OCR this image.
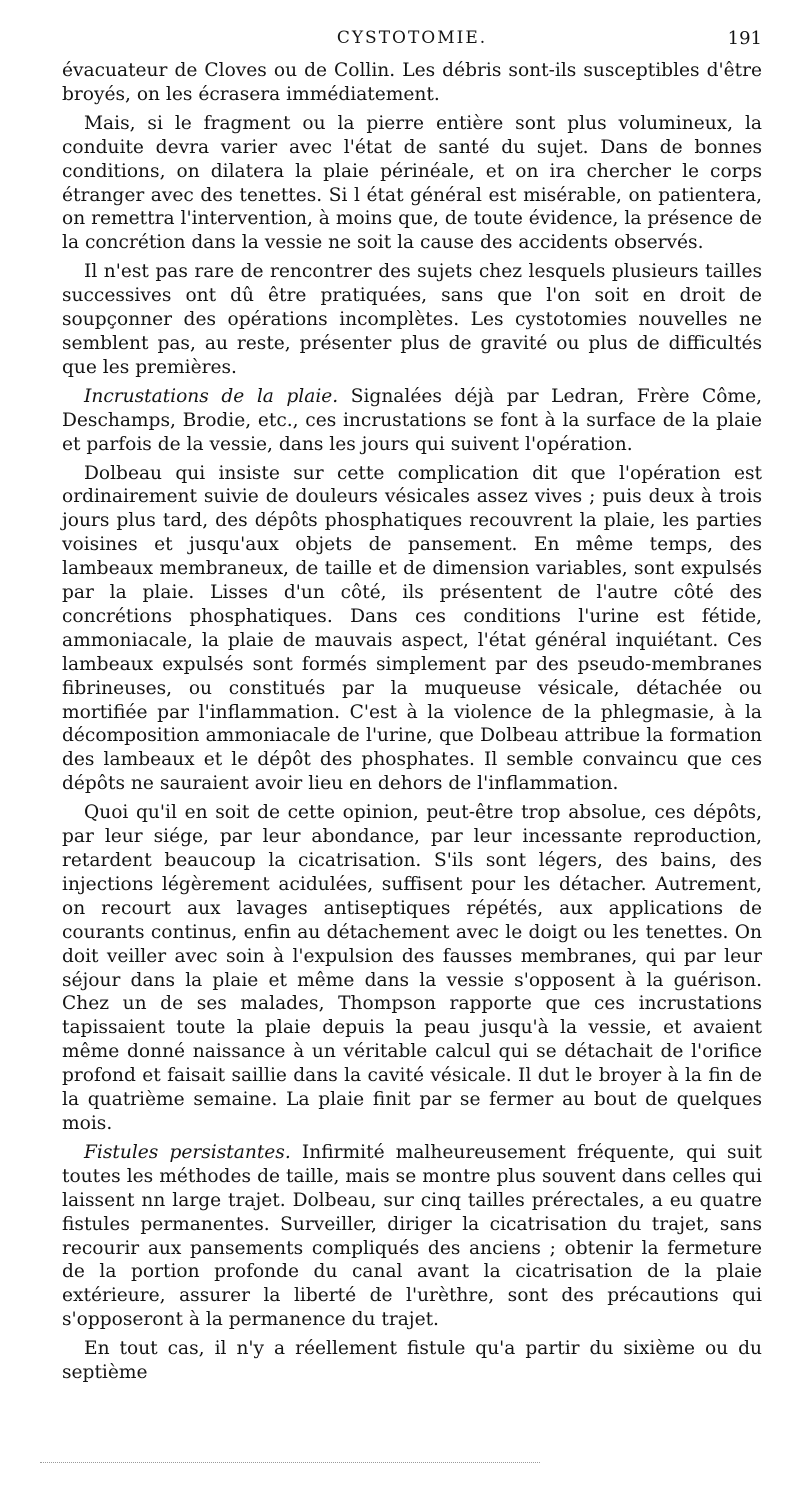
CYSTOTOMIE.	191

évacuateur de Cloves ou de Collin. Les débris sont-ils susceptibles d'être broyés, on les écrasera immédiatement.

Mais, si le fragment ou la pierre entière sont plus volumineux, la conduite devra varier avec l'état de santé du sujet. Dans de bonnes conditions, on dilatera la plaie périnéale, et on ira chercher le corps étranger avec des tenettes. Si l état général est misérable, on patientera, on remettra l'intervention, à moins que, de toute évidence, la présence de la concrétion dans la vessie ne soit la cause des accidents observés.

Il n'est pas rare de rencontrer des sujets chez lesquels plusieurs tailles successives ont dû être pratiquées, sans que l'on soit en droit de soupçonner des opérations incomplètes. Les cystotomies nouvelles ne semblent pas, au reste, présenter plus de gravité ou plus de difficultés que les premières.

Incrustations de la plaie. Signalées déjà par Ledran, Frère Côme, Deschamps, Brodie, etc., ces incrustations se font à la surface de la plaie et parfois de la vessie, dans les jours qui suivent l'opération.

Dolbeau qui insiste sur cette complication dit que l'opération est ordinairement suivie de douleurs vésicales assez vives ; puis deux à trois jours plus tard, des dépôts phosphatiques recouvrent la plaie, les parties voisines et jusqu'aux objets de pansement. En même temps, des lambeaux membraneux, de taille et de dimension variables, sont expulsés par la plaie. Lisses d'un côté, ils présentent de l'autre côté des concrétions phosphatiques. Dans ces conditions l'urine est fétide, ammoniacale, la plaie de mauvais aspect, l'état général inquiétant. Ces lambeaux expulsés sont formés simplement par des pseudo-membranes fibrineuses, ou constitués par la muqueuse vésicale, détachée ou mortifiée par l'inflammation. C'est à la violence de la phlegmasie, à la décomposition ammoniacale de l'urine, que Dolbeau attribue la formation des lambeaux et le dépôt des phosphates. Il semble convaincu que ces dépôts ne sauraient avoir lieu en dehors de l'inflammation.

Quoi qu'il en soit de cette opinion, peut-être trop absolue, ces dépôts, par leur siége, par leur abondance, par leur incessante reproduction, retardent beaucoup la cicatrisation. S'ils sont légers, des bains, des injections légèrement acidulées, suffisent pour les détacher. Autrement, on recourt aux lavages antiseptiques répétés, aux applications de courants continus, enfin au détachement avec le doigt ou les tenettes. On doit veiller avec soin à l'expulsion des fausses membranes, qui par leur séjour dans la plaie et même dans la vessie s'opposent à la guérison. Chez un de ses malades, Thompson rapporte que ces incrustations tapissaient toute la plaie depuis la peau jusqu'à la vessie, et avaient même donné naissance à un véritable calcul qui se détachait de l'orifice profond et faisait saillie dans la cavité vésicale. Il dut le broyer à la fin de la quatrième semaine. La plaie finit par se fermer au bout de quelques mois.

Fistules persistantes. Infirmité malheureusement fréquente, qui suit toutes les méthodes de taille, mais se montre plus souvent dans celles qui laissent nn large trajet. Dolbeau, sur cinq tailles prérectales, a eu quatre fistules permanentes. Surveiller, diriger la cicatrisation du trajet, sans recourir aux pansements compliqués des anciens ; obtenir la fermeture de la portion profonde du canal avant la cicatrisation de la plaie extérieure, assurer la liberté de l'urèthre, sont des précautions qui s'opposeront à la permanence du trajet.

En tout cas, il n'y a réellement fistule qu'a partir du sixième ou du septième
